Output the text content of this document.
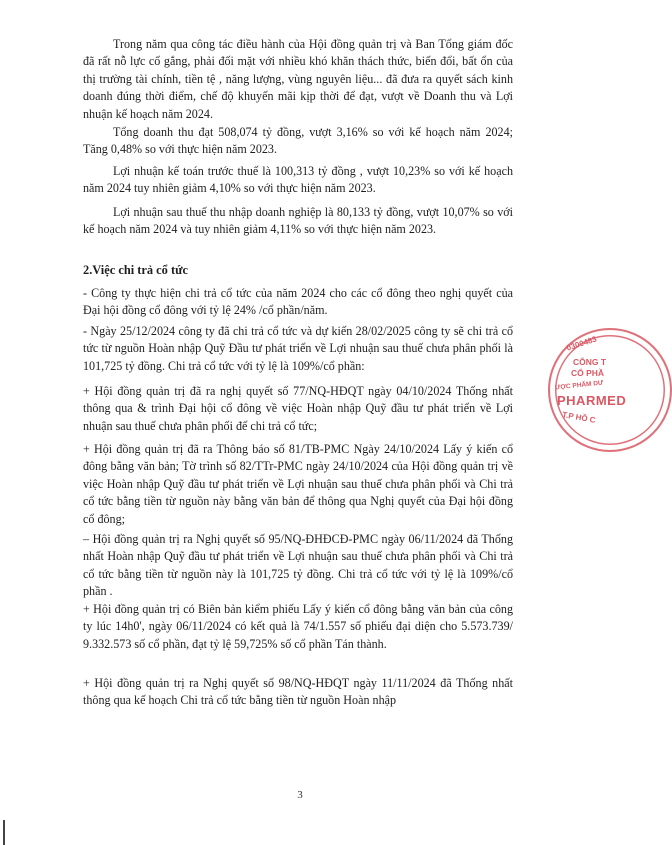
Trong năm qua công tác điều hành của Hội đồng quản trị và Ban Tổng giám đốc đã rất nỗ lực cố gắng, phải đối mặt với nhiều khó khăn thách thức, biến đổi, bất ổn của thị trường tài chính, tiền tệ , năng lượng, vùng nguyên liệu... đã đưa ra quyết sách kinh doanh đúng thời điểm, chế độ khuyến mãi kịp thời để đạt, vượt về Doanh thu và Lợi nhuận kế hoạch năm 2024.

Tổng doanh thu đạt 508,074 tỷ đồng, vượt 3,16% so với kế hoạch năm 2024; Tăng 0,48% so với thực hiện năm 2023.

Lợi nhuận kế toán trước thuế là 100,313 tỷ đồng , vượt 10,23% so với kế hoạch năm 2024 tuy nhiên giảm 4,10% so với thực hiện năm 2023.

Lợi nhuận sau thuế thu nhập doanh nghiệp là 80,133 tỷ đồng, vượt 10,07% so với kế hoạch năm 2024 và tuy nhiên giảm 4,11% so với thực hiện năm 2023.

2.Việc chi trả cổ tức

- Công ty thực hiện chi trả cổ tức của năm 2024 cho các cổ đông theo nghị quyết của Đại hội đồng cổ đông với tỷ lệ 24% /cổ phần/năm.

- Ngày 25/12/2024 công ty đã chi trả cổ tức và dự kiến 28/02/2025 công ty sẽ chi trả cổ tức từ nguồn Hoàn nhập Quỹ Đầu tư phát triển về Lợi nhuận sau thuế chưa phân phối là 101,725 tỷ đồng. Chi trả cổ tức với tỷ lệ là 109%/cổ phần:

+ Hội đồng quản trị đã ra nghị quyết số 77/NQ-HĐQT ngày 04/10/2024 Thống nhất thông qua & trình Đại hội cổ đông về việc Hoàn nhập Quỹ đầu tư phát triển về Lợi nhuận sau thuế chưa phân phối để chi trả cổ tức;

+ Hội đồng quản trị đã ra Thông báo số 81/TB-PMC Ngày 24/10/2024 Lấy ý kiến cổ đông bằng văn bản; Tờ trình số 82/TTr-PMC ngày 24/10/2024 của Hội đồng quản trị về việc Hoàn nhập Quỹ đầu tư phát triển về Lợi nhuận sau thuế chưa phân phối và Chi trả cổ tức bằng tiền từ nguồn này bằng văn bản để thông qua Nghị quyết của Đại hội đồng cổ đông;

– Hội đồng quản trị ra Nghị quyết số 95/NQ-ĐHĐCĐ-PMC ngày 06/11/2024 đã Thống nhất Hoàn nhập Quỹ đầu tư phát triển về Lợi nhuận sau thuế chưa phân phối và Chi trả cổ tức bằng tiền từ nguồn này là 101,725 tỷ đồng. Chi trả cổ tức với tỷ lệ là 109%/cổ phần .

+ Hội đồng quản trị có Biên bản kiểm phiếu Lấy ý kiến cổ đông bằng văn bản của công ty lúc 14h0', ngày 06/11/2024 có kết quả là 74/1.557 số phiếu đại diện cho 5.573.739/ 9.332.573 số cổ phần, đạt tỷ lệ 59,725% số cổ phần Tán thành.

+ Hội đồng quản trị ra Nghị quyết số 98/NQ-HĐQT ngày 11/11/2024 đã Thống nhất thông qua kế hoạch Chi trả cổ tức bằng tiền từ nguồn Hoàn nhập

3
0300483
CÔNG T
CỔ PHẦ
ƯỢC PHẨM DƯ
PHARMED
T.P HỒ C
